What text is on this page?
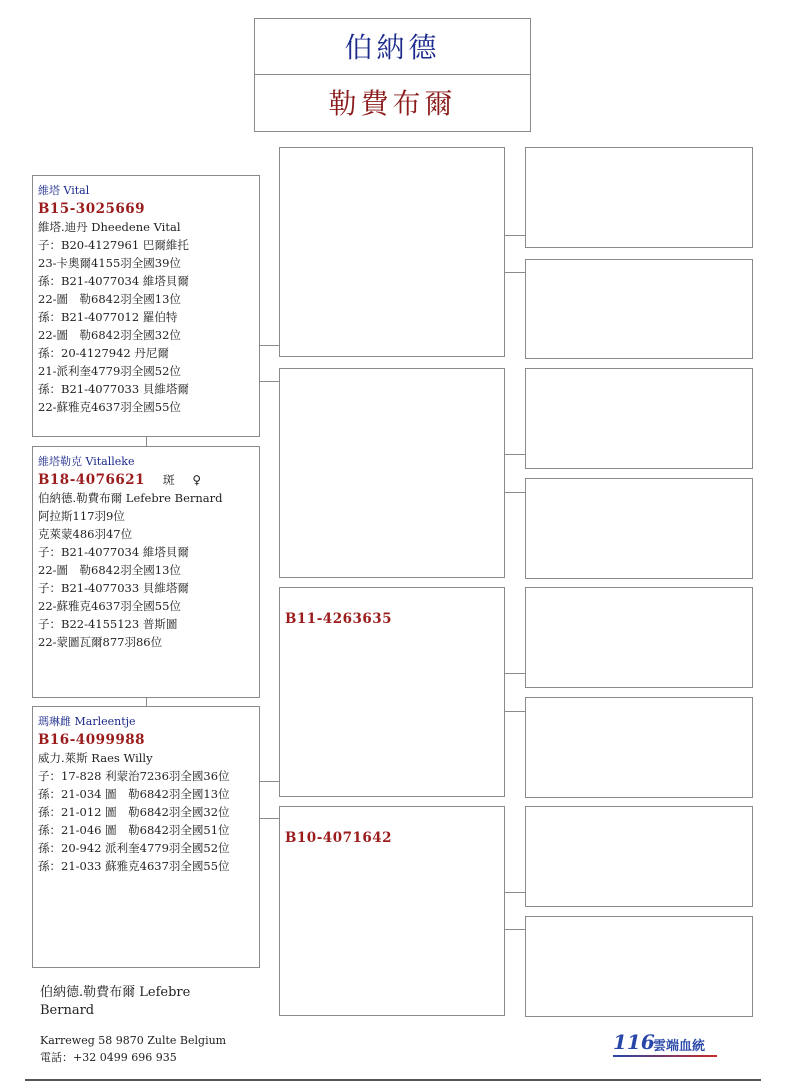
伯納德
勒費布爾
維塔 Vital
B15-3025669
維塔.迪丹 Dheedene Vital
子：B20-4127961 巴爾維托
23-卡奧爾4155羽全國39位
孫：B21-4077034 維塔貝爾
22-圖　勒6842羽全國13位
孫：B21-4077012 羅伯特
22-圖　勒6842羽全國32位
孫：20-4127942 丹尼爾
21-派利奎4779羽全國52位
孫：B21-4077033 貝維塔爾
22-蘇雅克4637羽全國55位
維塔勒克 Vitalleke
B18-4076621 斑 ♀
伯納德.勒費布爾 Lefebre Bernard
阿拉斯117羽9位
克萊蒙486羽47位
子：B21-4077034 維塔貝爾
22-圖　勒6842羽全國13位
子：B21-4077033 貝維塔爾
22-蘇雅克4637羽全國55位
子：B22-4155123 普斯圖
22-蒙圖瓦爾877羽86位
瑪琳雌 Marleentje
B16-4099988
威力.萊斯 Raes Willy
子：17-828 利蒙治7236羽全國36位
孫：21-034 圖　勒6842羽全國13位
孫：21-012 圖　勒6842羽全國32位
孫：21-046 圖　勒6842羽全國51位
孫：20-942 派利奎4779羽全國52位
孫：21-033 蘇雅克4637羽全國55位
B11-4263635
B10-4071642
伯納德.勒費布爾 Lefebre Bernard
Karreweg 58 9870 Zulte Belgium
電話：+32 0499 696 935
116
雲端血統
